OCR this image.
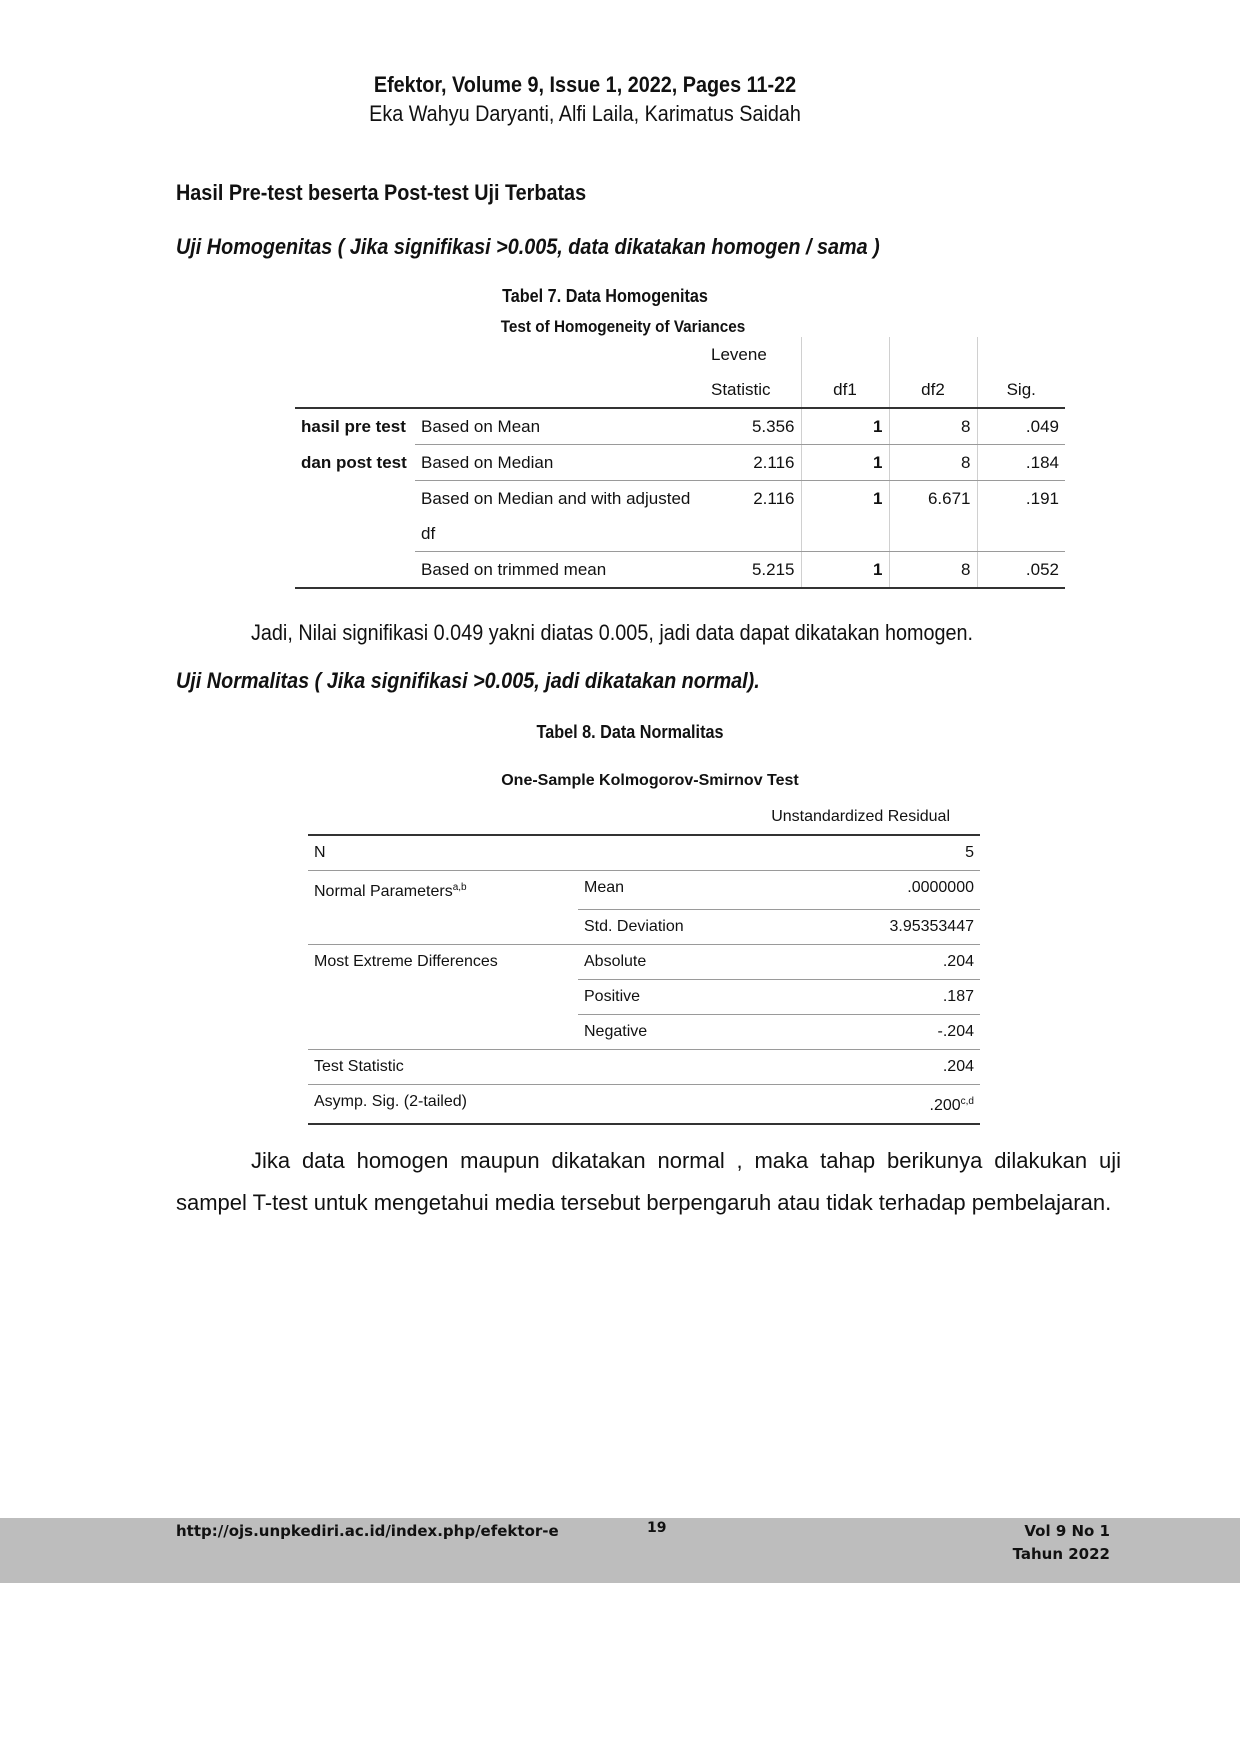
Efektor, Volume 9, Issue 1, 2022, Pages 11-22
Eka Wahyu Daryanti, Alfi Laila, Karimatus Saidah
Hasil Pre-test beserta Post-test Uji Terbatas
Uji Homogenitas ( Jika signifikasi >0.005, data dikatakan homogen / sama )
Tabel 7. Data Homogenitas
Test of Homogeneity of Variances
		Levene			
		Statistic	df1	df2	Sig.
hasil pre test	Based on Mean	5.356	1	8	.049
dan post test	Based on Median	2.116	1	8	.184
	Based on Median and with adjusted df	2.116	1	6.671	.191
	Based on trimmed mean	5.215	1	8	.052
Jadi, Nilai signifikasi 0.049 yakni diatas 0.005, jadi data dapat dikatakan homogen.
Uji Normalitas ( Jika signifikasi >0.005, jadi dikatakan normal).
Tabel 8. Data Normalitas
One-Sample Kolmogorov-Smirnov Test
	Unstandardized Residual	
N		5
Normal Parameters$^{a,b}$	Mean	.0000000
	Std. Deviation	3.95353447
Most Extreme Differences	Absolute	.204
	Positive	.187
	Negative	-.204
Test Statistic		.204
Asymp. Sig. (2-tailed)		.200$^{c,d}$
Jika data homogen maupun dikatakan normal , maka tahap berikunya dilakukan uji sampel T-test untuk mengetahui media tersebut berpengaruh atau tidak terhadap pembelajaran.
http://ojs.unpkediri.ac.id/index.php/efektor-e	19	Vol 9 No 1
Tahun 2022
